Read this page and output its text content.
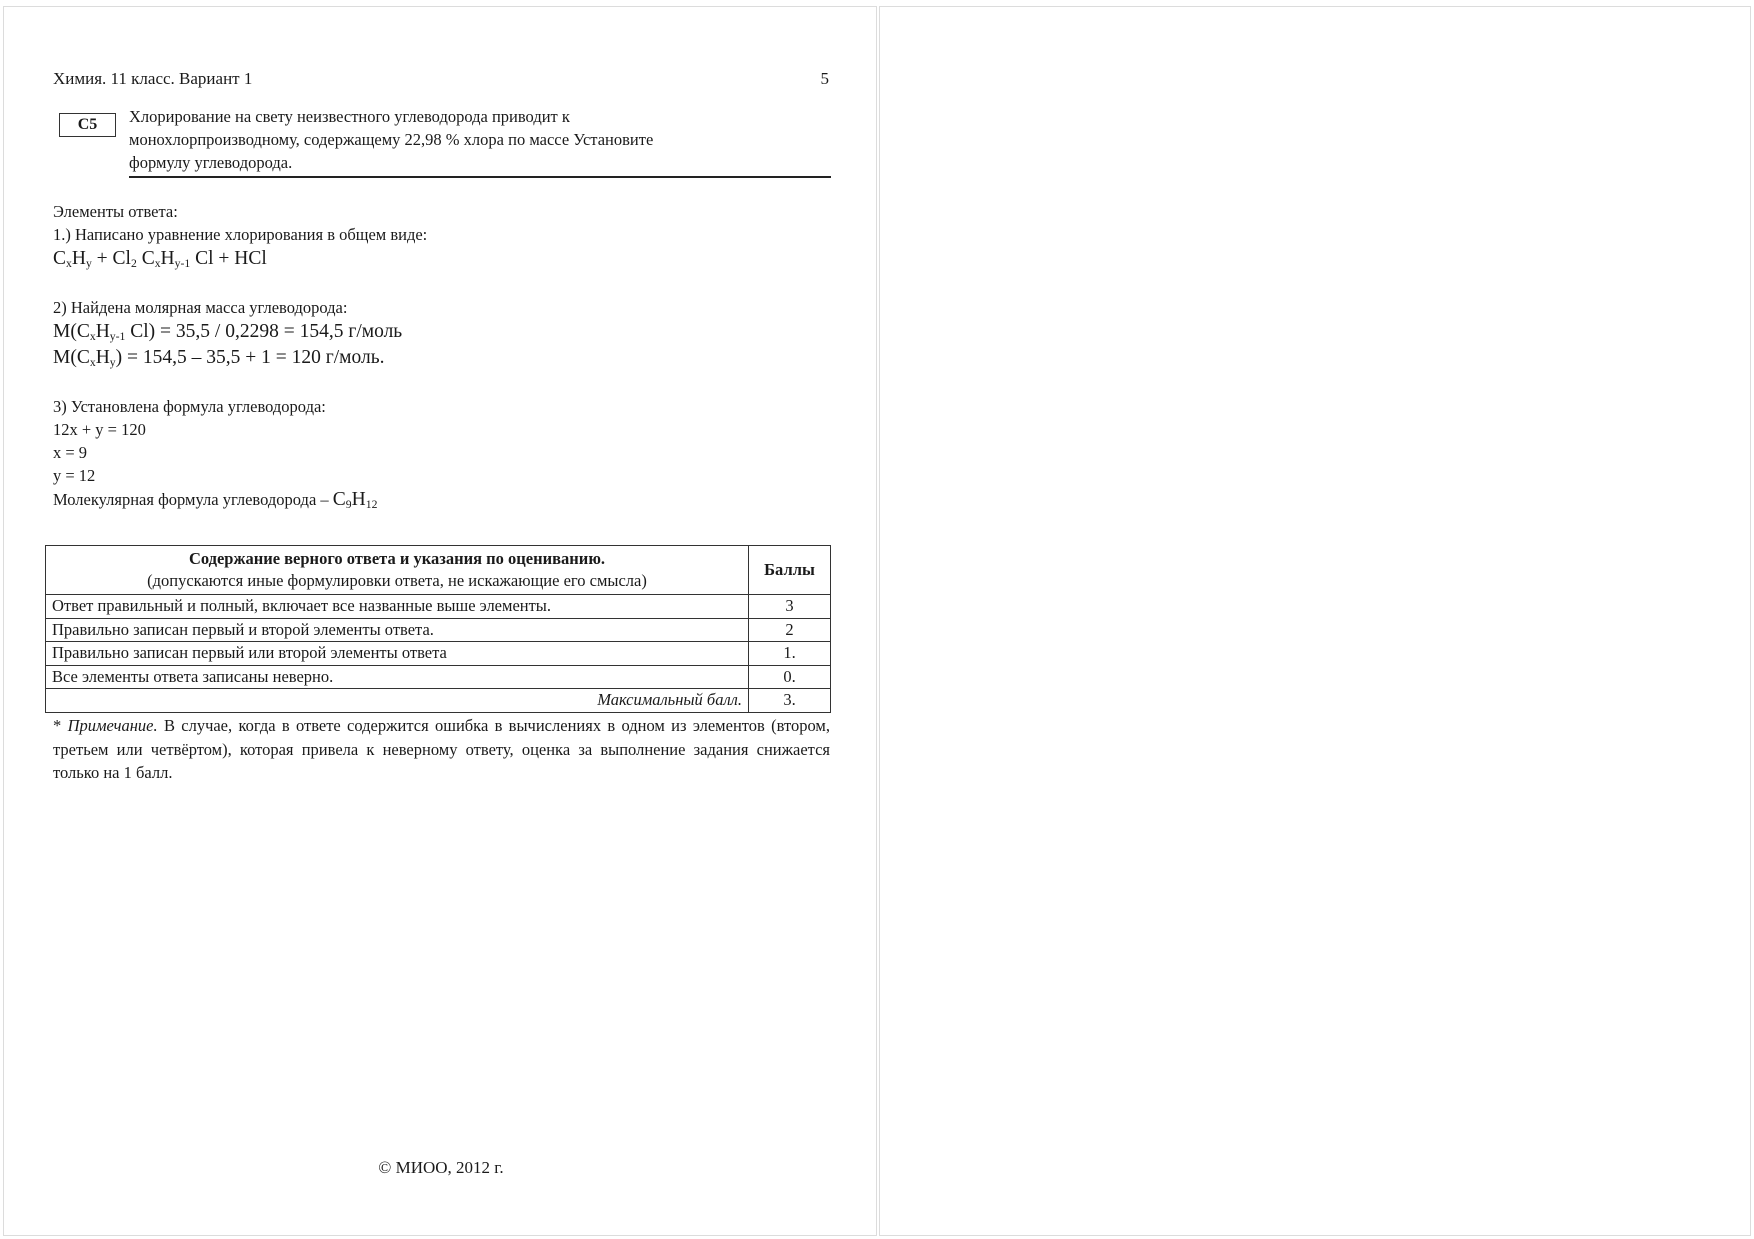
Химия. 11 класс. Вариант 1	5
С5	Хлорирование на свету неизвестного углеводорода приводит к
монохлорпроизводному, содержащему 22,98 % хлора по массе Установите
формулу углеводорода.
Элементы ответа:
1.) Написано уравнение хлорирования в общем виде:
$C_xH_y + Cl_2$ $C_xH_{y-1}$ Cl + HCl
2) Найдена молярная масса углеводорода:
$M(C_xH_{y-1}$ Cl) = 35,5 / 0,2298 = 154,5 г/моль
$M(C_xH_y) = 154,5 - 35,5 + 1 = 120$ г/моль.
3) Установлена формула углеводорода:
12x + y = 120
x = 9
y = 12
Молекулярная формула углеводорода – $C_9H_{12}$
Содержание верного ответа и указания по оцениванию.
(допускаются иные формулировки ответа, не искажающие его смысла)	Баллы
Ответ правильный и полный, включает все названные выше элементы.	3
Правильно записан первый и второй элементы ответа.	2
Правильно записан первый или второй элементы ответа	1.
Все элементы ответа записаны неверно.	0.
Максимальный балл.	3.
* Примечание. В случае, когда в ответе содержится ошибка в вычислениях в одном из элементов (втором, третьем или четвёртом), которая привела к неверному ответу, оценка за выполнение задания снижается только на 1 балл.
© МИОО, 2012 г.
